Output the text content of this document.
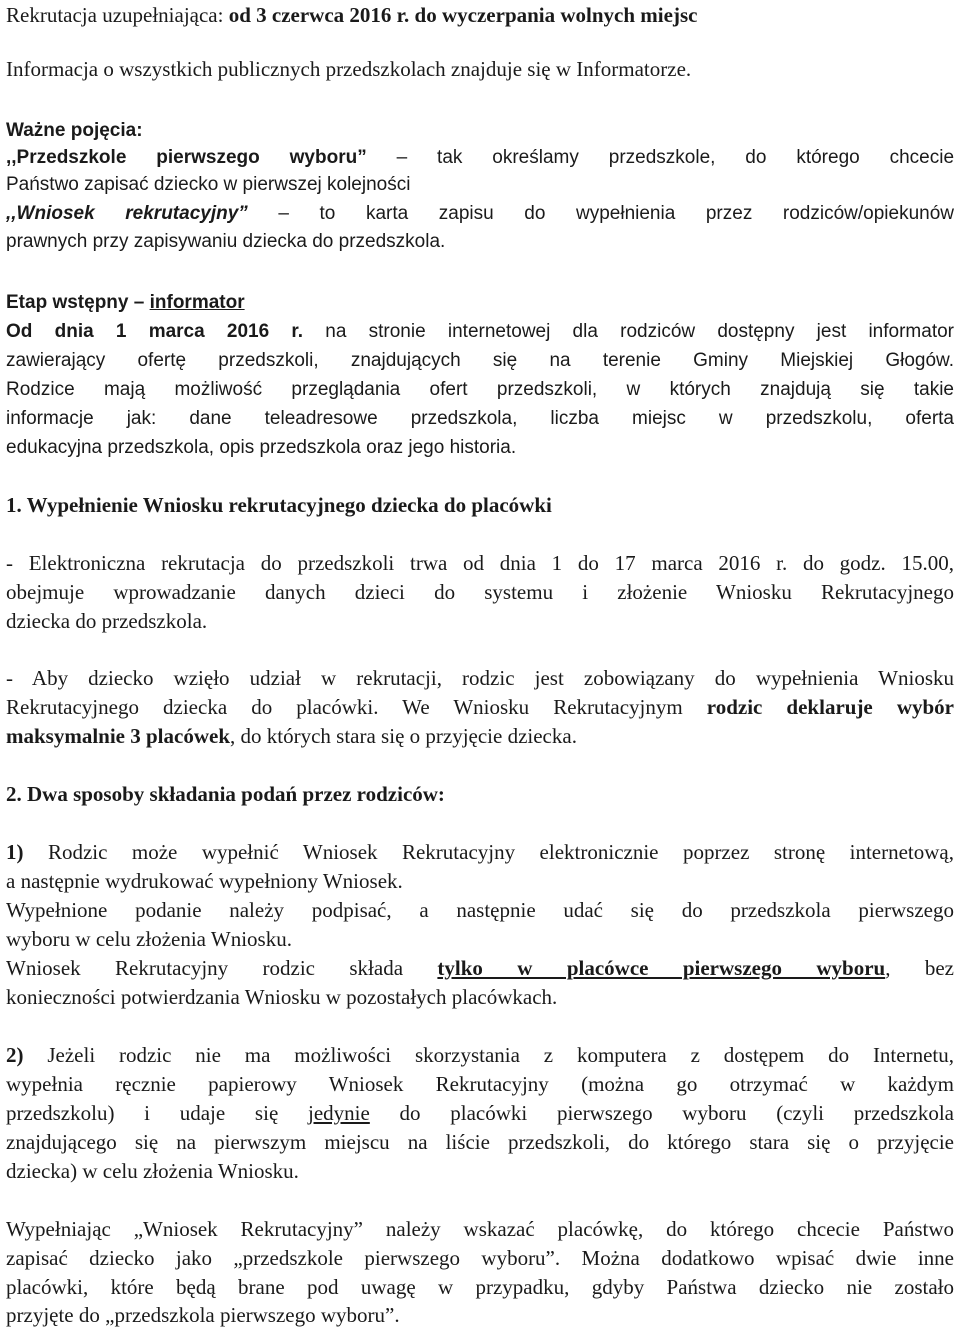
Rekrutacja uzupełniająca: od 3 czerwca 2016 r. do wyczerpania wolnych miejsc
Informacja o wszystkich publicznych przedszkolach znajduje się w Informatorze.
Ważne pojęcia:
,,Przedszkole pierwszego wyboru” – tak określamy przedszkole, do którego chcecie
Państwo zapisać dziecko w pierwszej kolejności
,,Wniosek rekrutacyjny” – to karta zapisu do wypełnienia przez rodziców/opiekunów
prawnych przy zapisywaniu dziecka do przedszkola.
Etap wstępny – informator
Od dnia 1 marca 2016 r. na stronie internetowej dla rodziców dostępny jest informator
zawierający ofertę przedszkoli, znajdujących się na terenie Gminy Miejskiej Głogów.
Rodzice mają możliwość przeglądania ofert przedszkoli, w których znajdują się takie
informacje jak: dane teleadresowe przedszkola, liczba miejsc w przedszkolu, oferta
edukacyjna przedszkola, opis przedszkola oraz jego historia.
1. Wypełnienie Wniosku rekrutacyjnego dziecka do placówki
- Elektroniczna rekrutacja do przedszkoli trwa od dnia 1 do 17 marca 2016 r. do godz. 15.00,
obejmuje wprowadzanie danych dzieci do systemu i złożenie Wniosku Rekrutacyjnego
dziecka do przedszkola.
- Aby dziecko wzięło udział w rekrutacji, rodzic jest zobowiązany do wypełnienia Wniosku
Rekrutacyjnego dziecka do placówki. We Wniosku Rekrutacyjnym rodzic deklaruje wybór
maksymalnie 3 placówek, do których stara się o przyjęcie dziecka.
2. Dwa sposoby składania podań przez rodziców:
1) Rodzic może wypełnić Wniosek Rekrutacyjny elektronicznie poprzez stronę internetową,
a następnie wydrukować wypełniony Wniosek.
Wypełnione podanie należy podpisać, a następnie udać się do przedszkola pierwszego
wyboru w celu złożenia Wniosku.
Wniosek Rekrutacyjny rodzic składa tylko w placówce pierwszego wyboru, bez
konieczności potwierdzania Wniosku w pozostałych placówkach.
2) Jeżeli rodzic nie ma możliwości skorzystania z komputera z dostępem do Internetu,
wypełnia ręcznie papierowy Wniosek Rekrutacyjny (można go otrzymać w każdym
przedszkolu) i udaje się jedynie do placówki pierwszego wyboru (czyli przedszkola
znajdującego się na pierwszym miejscu na liście przedszkoli, do którego stara się o przyjęcie
dziecka) w celu złożenia Wniosku.
Wypełniając „Wniosek Rekrutacyjny” należy wskazać placówkę, do którego chcecie Państwo
zapisać dziecko jako „przedszkole pierwszego wyboru”. Można dodatkowo wpisać dwie inne
placówki, które będą brane pod uwagę w przypadku, gdyby Państwa dziecko nie zostało
przyjęte do „przedszkola pierwszego wyboru”.
